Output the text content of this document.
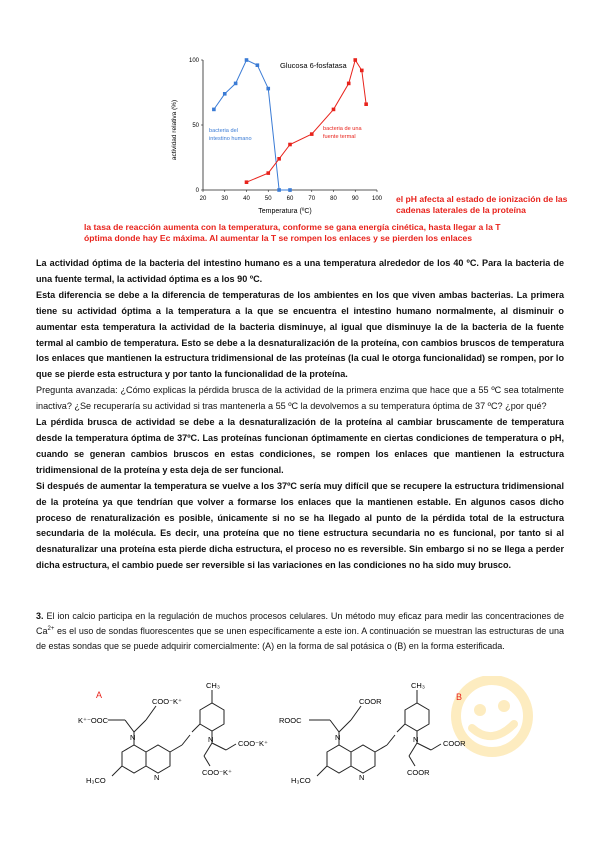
20	30	40	50	60	70	80	90 100
0
50
100	Glucosa 6-fosfatasa
Temperatura (ºC)
actividad relativa (%)	bacteria del
intestino humano
bacteria de una
fuente termal
el pH afecta al estado de ionización de las cadenas laterales de la proteína
la tasa de reacción aumenta con la temperatura, conforme se gana energía cinética, hasta llegar a la T óptima donde hay Ec máxima. Al aumentar la T se rompen los enlaces y se pierden los enlaces

La actividad óptima de la bacteria del intestino humano es a una temperatura alrededor de los 40 ºC. Para la bacteria de una fuente termal, la actividad óptima es a los 90 ºC.

Esta diferencia se debe a la diferencia de temperaturas de los ambientes en los que viven ambas bacterias. La primera tiene su actividad óptima a la temperatura a la que se encuentra el intestino humano normalmente, al disminuir o aumentar esta temperatura la actividad de la bacteria disminuye, al igual que disminuye la de la bacteria de la fuente termal al cambio de temperatura. Esto se debe a la desnaturalización de la proteína, con cambios bruscos de temperatura los enlaces que mantienen la estructura tridimensional de las proteínas (la cual le otorga funcionalidad) se rompen, por lo que se pierde esta estructura y por tanto la funcionalidad de la proteína.

Pregunta avanzada: ¿Cómo explicas la pérdida brusca de la actividad de la primera enzima que hace que a 55 ºC sea totalmente inactiva? ¿Se recuperaría su actividad si tras mantenerla a 55 ºC la devolvemos a su temperatura óptima de 37 ºC? ¿por qué?

La pérdida brusca de actividad se debe a la desnaturalización de la proteína al cambiar bruscamente de temperatura desde la temperatura óptima de 37ºC. Las proteínas funcionan óptimamente en ciertas condiciones de temperatura o pH, cuando se generan cambios bruscos en estas condiciones, se rompen los enlaces que mantienen la estructura tridimensional de la proteína y esta deja de ser funcional.

Si después de aumentar la temperatura se vuelve a los 37ºC sería muy difícil que se recupere la estructura tridimensional de la proteína ya que tendrían que volver a formarse los enlaces que la mantienen estable. En algunos casos dicho proceso de renaturalización es posible, únicamente si no se ha llegado al punto de la pérdida total de la estructura secundaria de la molécula. Es decir, una proteína que no tiene estructura secundaria no es funcional, por tanto si al desnaturalizar una proteína esta pierde dicha estructura, el proceso no es reversible. Sin embargo si no se llega a perder dicha estructura, el cambio puede ser reversible si las variaciones en las condiciones no ha sido muy brusco.

3. El ion calcio participa en la regulación de muchos procesos celulares. Un método muy eficaz para medir las concentraciones de $Ca^{2+}$ es el uso de sondas fluorescentes que se unen específicamente a este ion. A continuación se muestran las estructuras de una de estas sondas que se puede adquirir comercialmente: (A) en la forma de sal potásica o (B) en la forma esterificada.

A	B
COO⁻K⁺
K⁺⁻OOC
COO⁻K⁺
COO⁻K⁺
CH₃
H₃CO
N
N
N
COOR
ROOC
COOR
COOR
CH₃
H₃CO
N
N
N
